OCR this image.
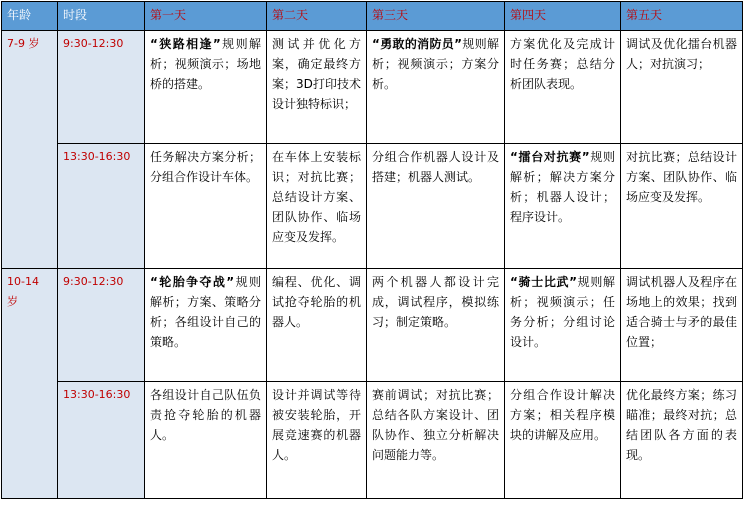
年龄	时段	第一天	第二天	第三天	第四天	第五天
7-9 岁	9:30-12:30	“狭路相逢”规则解析；视频演示；场地桥的搭建。	测试并优化方案，确定最终方案；3D打印技术设计独特标识；	“勇敢的消防员”规则解析；视频演示；方案分析。	方案优化及完成计时任务赛；总结分析团队表现。	调试及优化擂台机器人；对抗演习；
	13:30-16:30	任务解决方案分析；分组合作设计车体。	在车体上安装标识；对抗比赛；总结设计方案、团队协作、临场应变及发挥。	分组合作机器人设计及搭建；机器人测试。	“擂台对抗赛”规则解析；解决方案分析；机器人设计；程序设计。	对抗比赛；总结设计方案、团队协作、临场应变及发挥。
10-14 岁	9:30-12:30	“轮胎争夺战”规则解析；方案、策略分析；各组设计自己的策略。	编程、优化、调试抢夺轮胎的机器人。	两个机器人都设计完成，调试程序，模拟练习；制定策略。	“骑士比武”规则解析；视频演示；任务分析；分组讨论设计。	调试机器人及程序在场地上的效果；找到适合骑士与矛的最佳位置；
	13:30-16:30	各组设计自己队伍负责抢夺轮胎的机器人。	设计并调试等待被安装轮胎，开展竞速赛的机器人。	赛前调试；对抗比赛；总结各队方案设计、团队协作、独立分析解决问题能力等。	分组合作设计解决方案；相关程序模块的讲解及应用。	优化最终方案；练习瞄准；最终对抗；总结团队各方面的表现。
